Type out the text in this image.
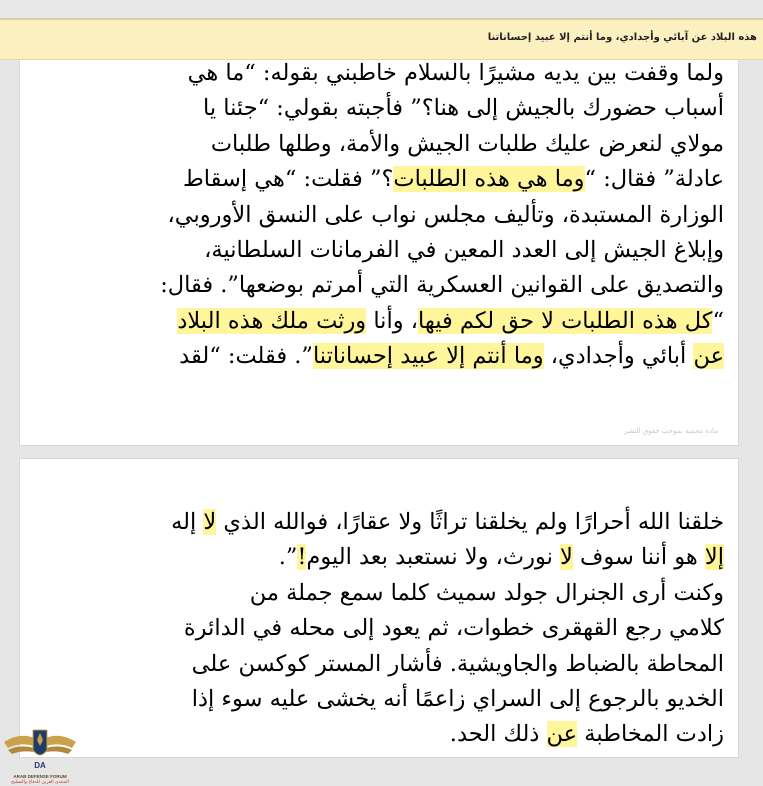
هذه البلاد عن آبائي وأجدادي، وما أنتم إلا عبيد إحساناتنا
ولما وقفت بين يديه مشيرًا بالسلام خاطبني بقوله: “ما هي
أسباب حضورك بالجيش إلى هنا؟” فأجبته بقولي: “جئنا يا
مولاي لنعرض عليك طلبات الجيش والأمة، وطلها طلبات
عادلة” فقال: “وما هي هذه الطلبات؟” فقلت: “هي إسقاط
الوزارة المستبدة، وتأليف مجلس نواب على النسق الأوروبي،
وإبلاغ الجيش إلى العدد المعين في الفرمانات السلطانية،
والتصديق على القوانين العسكرية التي أمرتم بوضعها”. فقال:
“كل هذه الطلبات لا حق لكم فيها، وأنا ورثت ملك هذه البلاد
عن أبائي وأجدادي، وما أنتم إلا عبيد إحساناتنا”. فقلت: “لقد
مادة محمية بموجب حقوق النشر
خلقنا الله أحرارًا ولم يخلقنا تراثًا ولا عقارًا، فوالله الذي لا إله
إلا هو أننا سوف لا نورث، ولا نستعبد بعد اليوم!”.
وكنت أرى الجنرال جولد سميث كلما سمع جملة من
كلامي رجع القهقرى خطوات، ثم يعود إلى محله في الدائرة
المحاطة بالضباط والجاويشية. فأشار المستر كوكسن على
الخديو بالرجوع إلى السراي زاعمًا أنه يخشى عليه سوء إذا
زادت المخاطبة عن ذلك الحد.
DA
ARAB DEFENSE FORUM
المنتدى العربي للدفاع والتسليح
